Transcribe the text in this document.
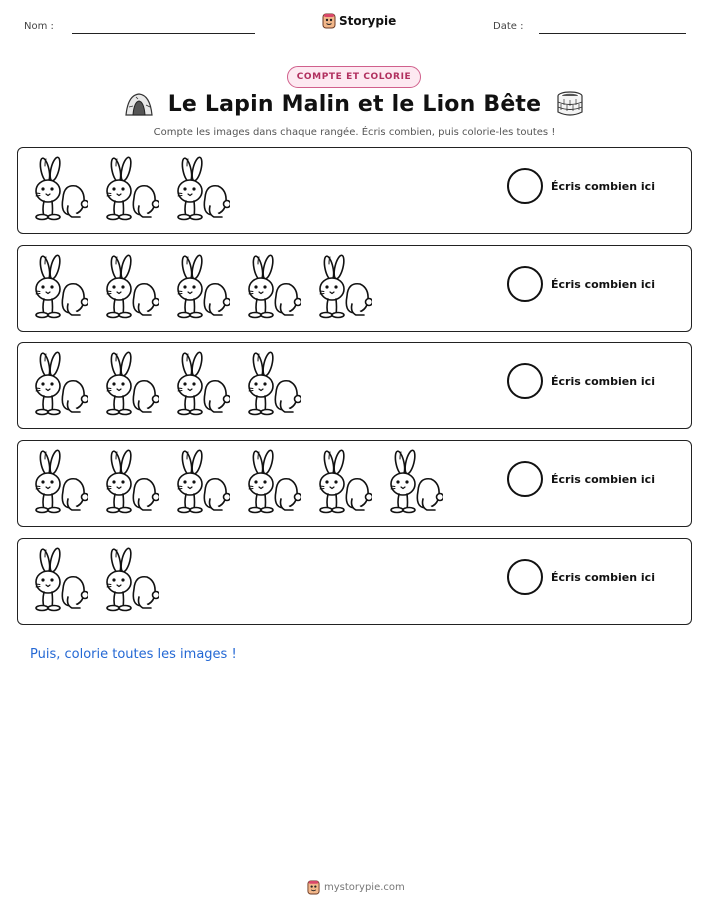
Nom :	Storypie	Date :
COMPTE ET COLORIE
Le Lapin Malin et le Lion Bête
Compte les images dans chaque rangée. Écris combien, puis colorie-les toutes !
Écris combien ici
Écris combien ici
Écris combien ici
Écris combien ici
Écris combien ici
Puis, colorie toutes les images !
mystorypie.com
